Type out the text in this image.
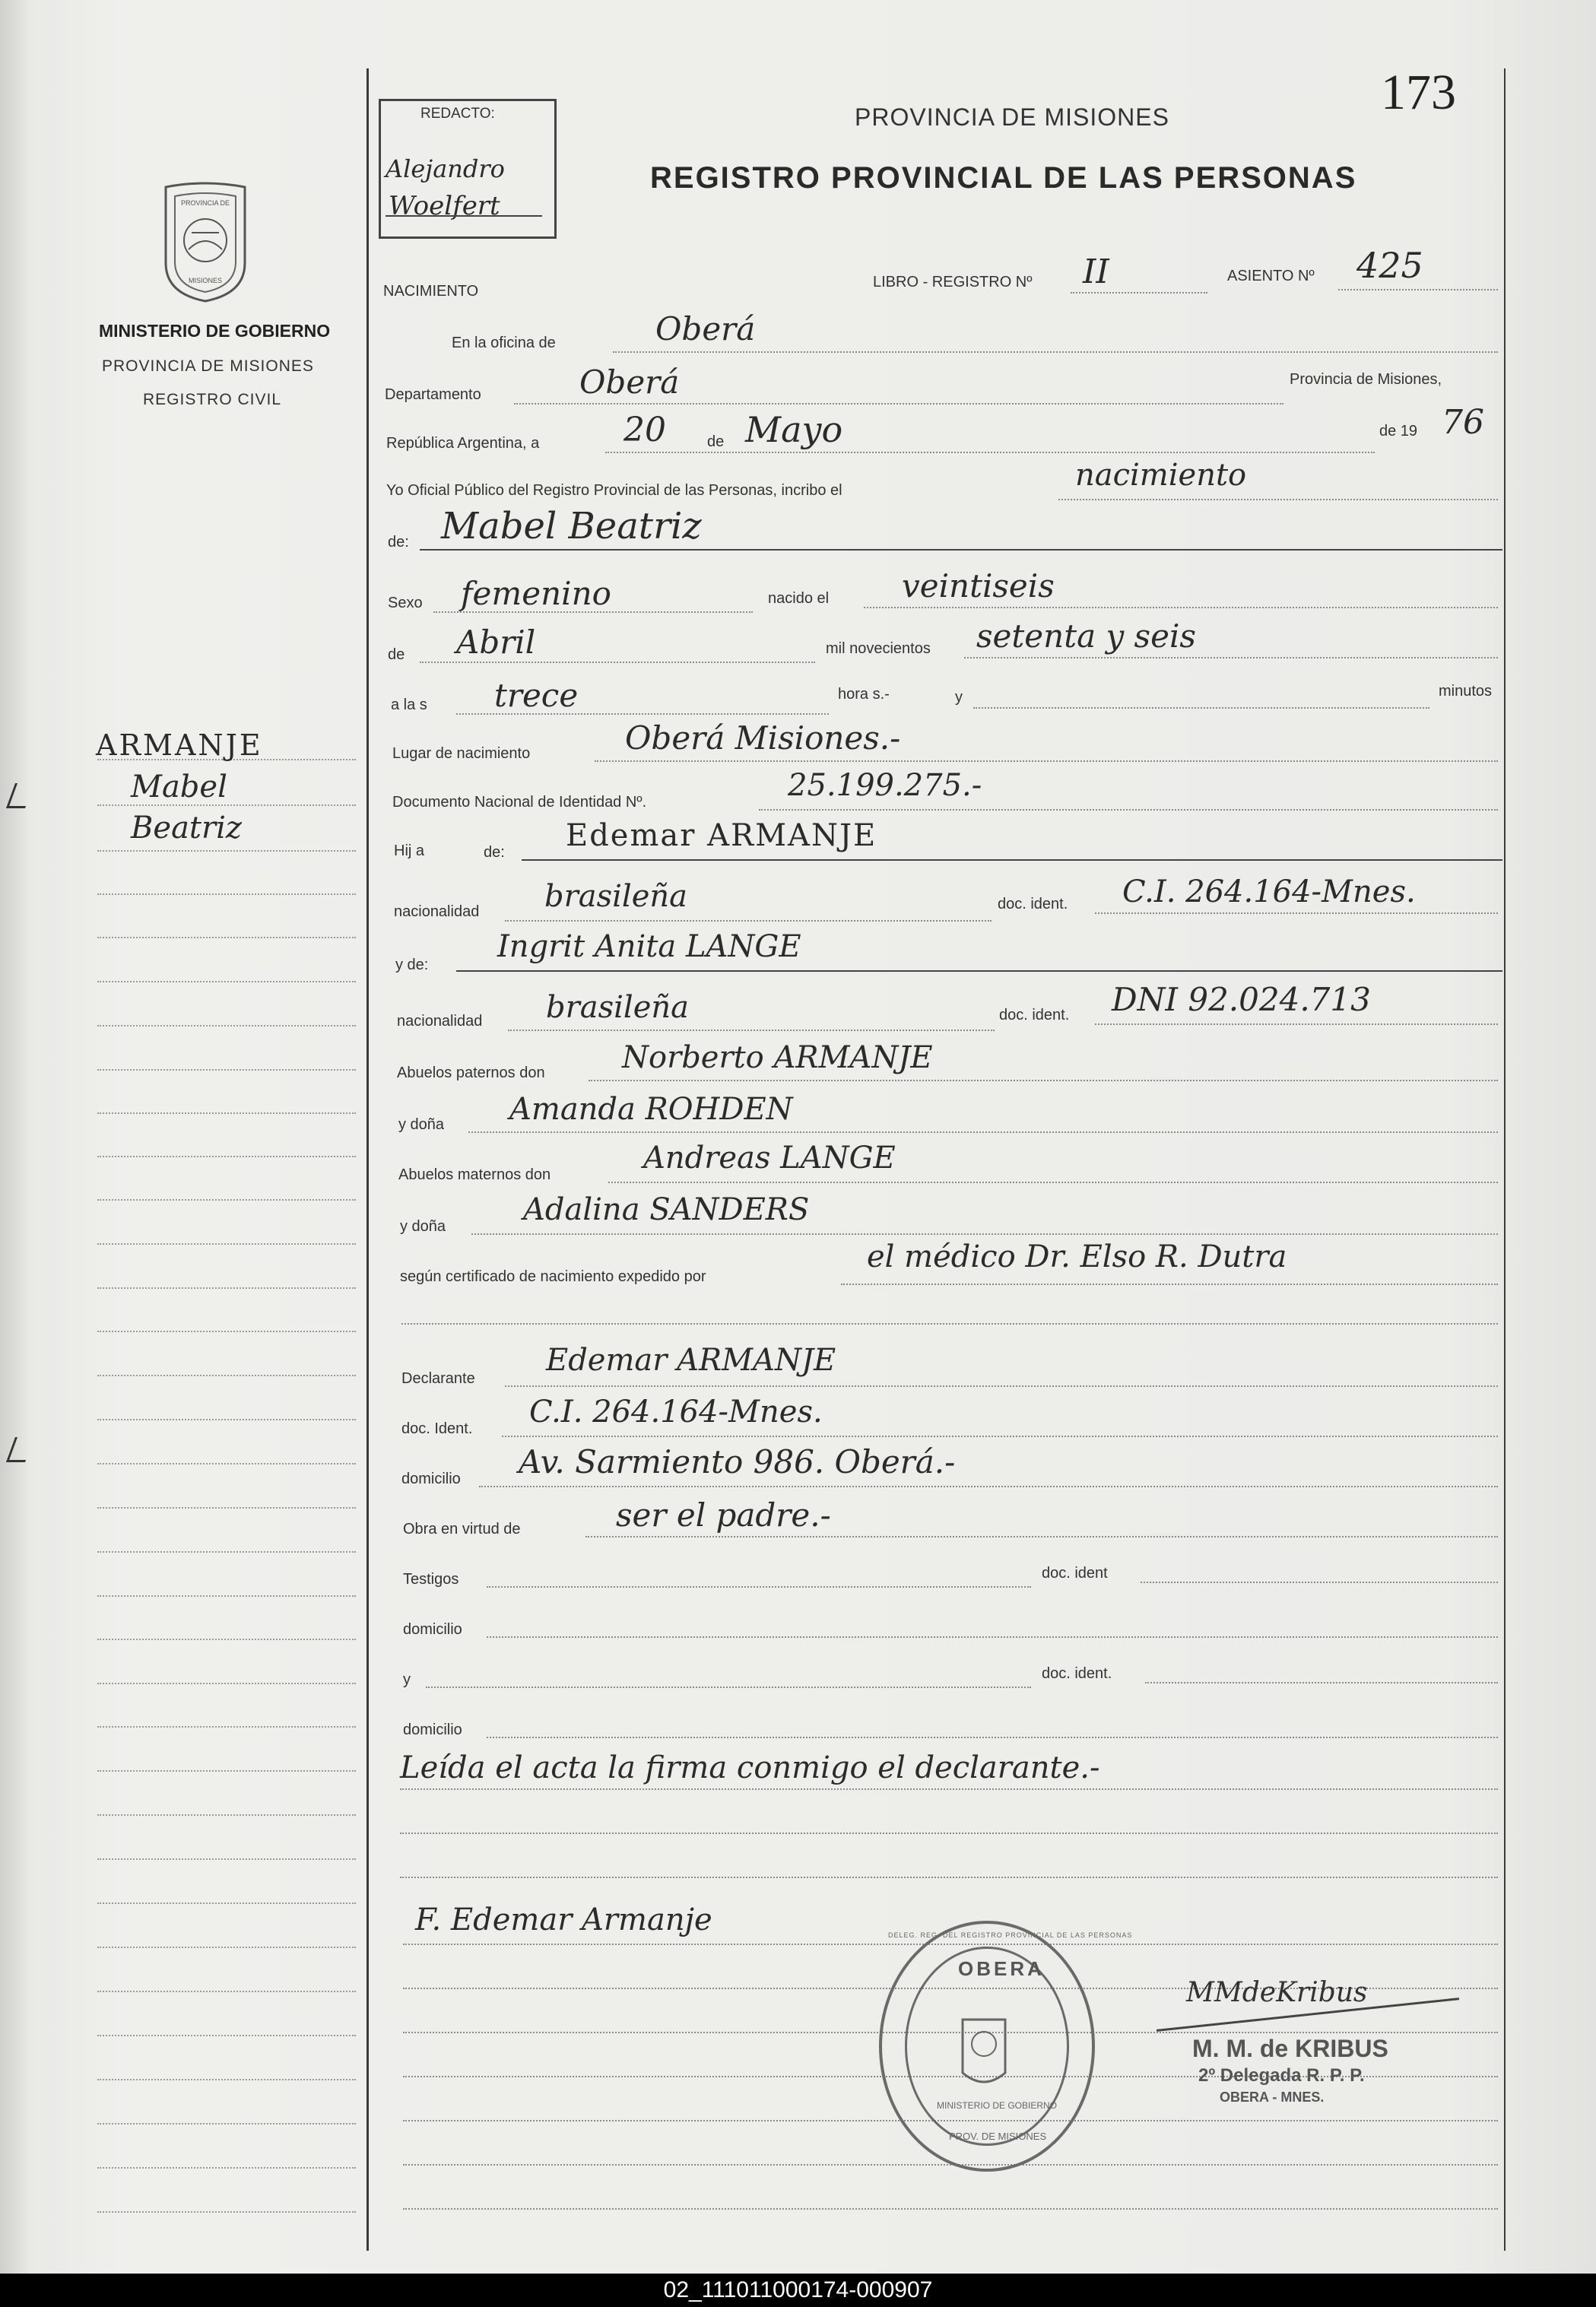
PROVINCIA DE
MISIONES
MINISTERIO DE GOBIERNO
PROVINCIA DE MISIONES
REGISTRO CIVIL
REDACTO:
Alejandro
Woelfert
173
PROVINCIA DE MISIONES
REGISTRO PROVINCIAL DE LAS PERSONAS
ARMANJE
Mabel
Beatriz
NACIMIENTO
LIBRO - REGISTRO Nº II	ASIENTO Nº 425
En la oficina de	Oberá
Departamento	Oberá	Provincia de Misiones,
República Argentina, a	20	de Mayo	de 19 76
Yo Oficial Público del Registro Provincial de las Personas, incribo el	nacimiento
de: Mabel Beatriz
Sexo femenino	nacido el veintiseis
de Abril	mil novecientos setenta y seis
a la s trece	hora s.-	y	minutos
Lugar de nacimiento	Oberá Misiones.-
Documento Nacional de Identidad Nº.	25.199.275.-
Hij a	de: Edemar ARMANJE
nacionalidad brasileña	doc. ident. C.I. 264.164-Mnes.
y de:
Ingrit Anita LANGE
nacionalidad brasileña	doc. ident. DNI 92.024.713
Abuelos paternos don	Norberto ARMANJE
y doña Amanda ROHDEN
Abuelos maternos don	Andreas LANGE
y doña	Adalina SANDERS
según certificado de nacimiento expedido por
el médico Dr. Elso R. Dutra
Declarante
Edemar ARMANJE
doc. Ident. C.I. 264.164-Mnes.
domicilio Av. Sarmiento 986. Oberá.-
Obra en virtud de	ser el padre.-
Testigos	doc. ident
domicilio
y	doc. ident.
domicilio
Leída el acta la firma conmigo el declarante.-
F. Edemar Armanje
OBERA
DELEG. REG. DEL REGISTRO PROVINCIAL DE LAS PERSONAS
MINISTERIO DE GOBIERNO
PROV. DE MISIONES
MMdeKribus
M. M. de KRIBUS
2º Delegada R. P. P.
OBERA - MNES.
02_111011000174-000907
